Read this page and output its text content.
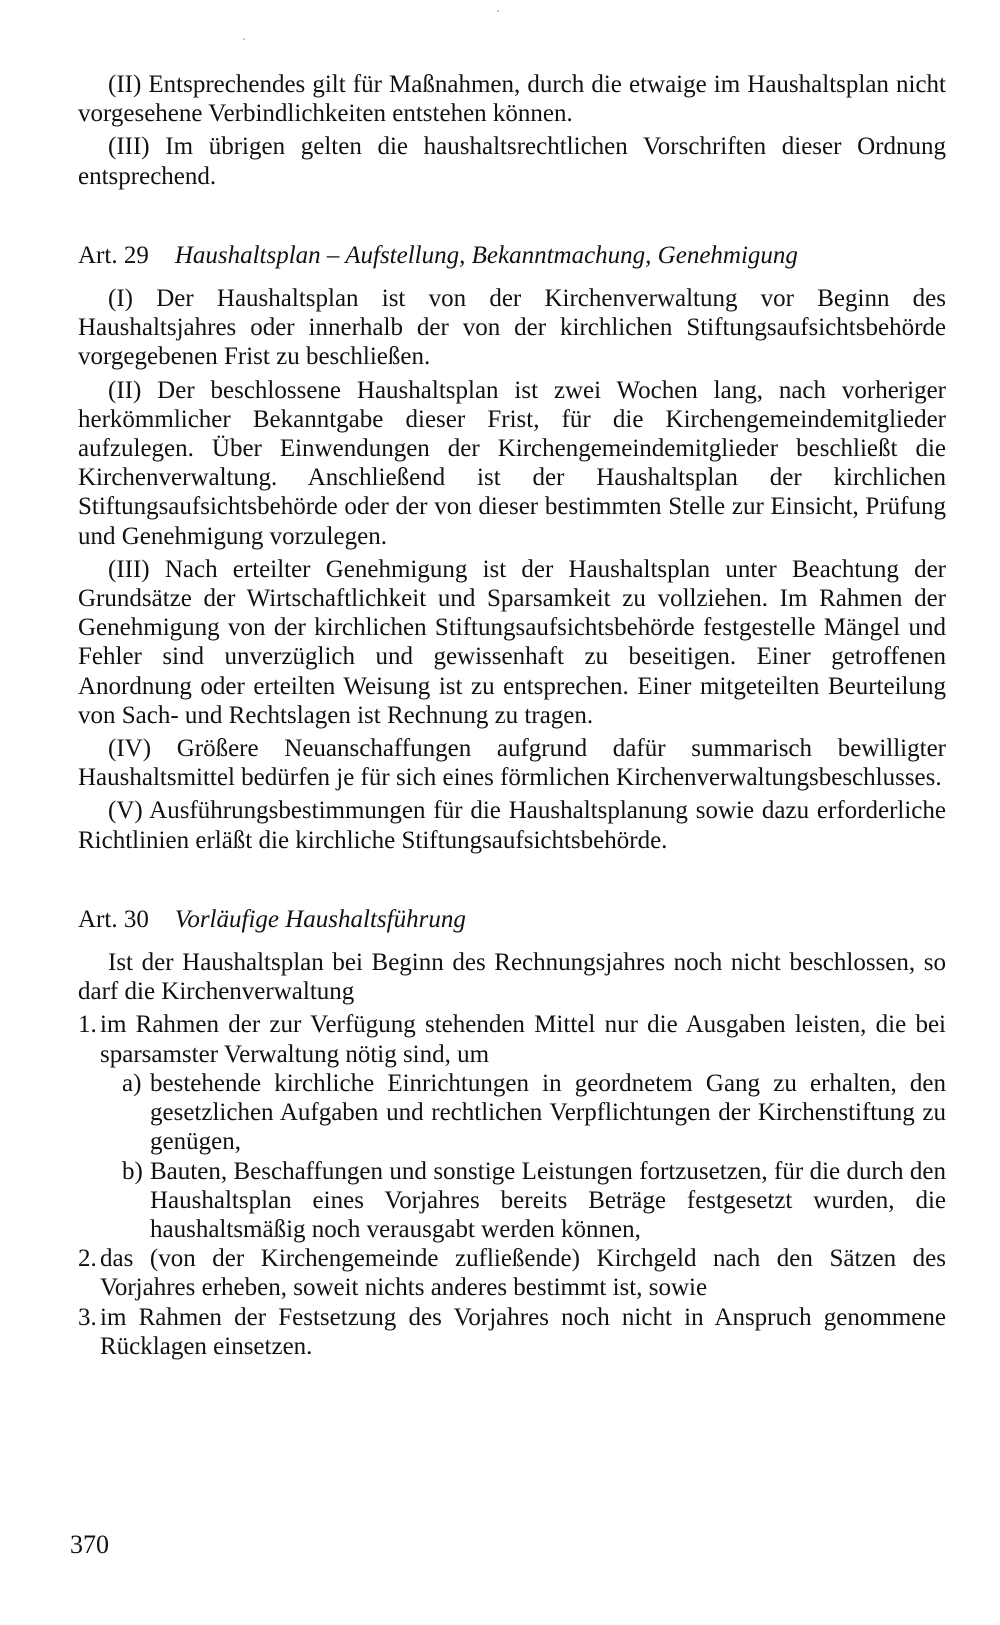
(II) Entsprechendes gilt für Maßnahmen, durch die etwaige im Haushaltsplan nicht vorgesehene Verbindlichkeiten entstehen können.

(III) Im übrigen gelten die haushaltsrechtlichen Vorschriften dieser Ordnung entsprechend.

Art. 29 Haushaltsplan – Aufstellung, Bekanntmachung, Genehmigung

(I) Der Haushaltsplan ist von der Kirchenverwaltung vor Beginn des Haushaltsjahres oder innerhalb der von der kirchlichen Stiftungsaufsichtsbehörde vorgegebenen Frist zu beschließen.

(II) Der beschlossene Haushaltsplan ist zwei Wochen lang, nach vorheriger herkömmlicher Bekanntgabe dieser Frist, für die Kirchengemeindemitglieder aufzulegen. Über Einwendungen der Kirchengemeindemitglieder beschließt die Kirchenverwaltung. Anschließend ist der Haushaltsplan der kirchlichen Stiftungsaufsichtsbehörde oder der von dieser bestimmten Stelle zur Einsicht, Prüfung und Genehmigung vorzulegen.

(III) Nach erteilter Genehmigung ist der Haushaltsplan unter Beachtung der Grundsätze der Wirtschaftlichkeit und Sparsamkeit zu vollziehen. Im Rahmen der Genehmigung von der kirchlichen Stiftungsaufsichtsbehörde festgestelle Mängel und Fehler sind unverzüglich und gewissenhaft zu beseitigen. Einer getroffenen Anordnung oder erteilten Weisung ist zu entsprechen. Einer mitgeteilten Beurteilung von Sach- und Rechtslagen ist Rechnung zu tragen.

(IV) Größere Neuanschaffungen aufgrund dafür summarisch bewilligter Haushaltsmittel bedürfen je für sich eines förmlichen Kirchenverwaltungsbeschlusses.

(V) Ausführungsbestimmungen für die Haushaltsplanung sowie dazu erforderliche Richtlinien erläßt die kirchliche Stiftungsaufsichtsbehörde.

Art. 30 Vorläufige Haushaltsführung

Ist der Haushaltsplan bei Beginn des Rechnungsjahres noch nicht beschlossen, so darf die Kirchenverwaltung

1. im Rahmen der zur Verfügung stehenden Mittel nur die Ausgaben leisten, die bei sparsamster Verwaltung nötig sind, um
a) bestehende kirchliche Einrichtungen in geordnetem Gang zu erhalten, den gesetzlichen Aufgaben und rechtlichen Verpflichtungen der Kirchenstiftung zu genügen,
b) Bauten, Beschaffungen und sonstige Leistungen fortzusetzen, für die durch den Haushaltsplan eines Vorjahres bereits Beträge festgesetzt wurden, die haushaltsmäßig noch verausgabt werden können,
2. das (von der Kirchengemeinde zufließende) Kirchgeld nach den Sätzen des Vorjahres erheben, soweit nichts anderes bestimmt ist, sowie
3. im Rahmen der Festsetzung des Vorjahres noch nicht in Anspruch genommene Rücklagen einsetzen.
370
